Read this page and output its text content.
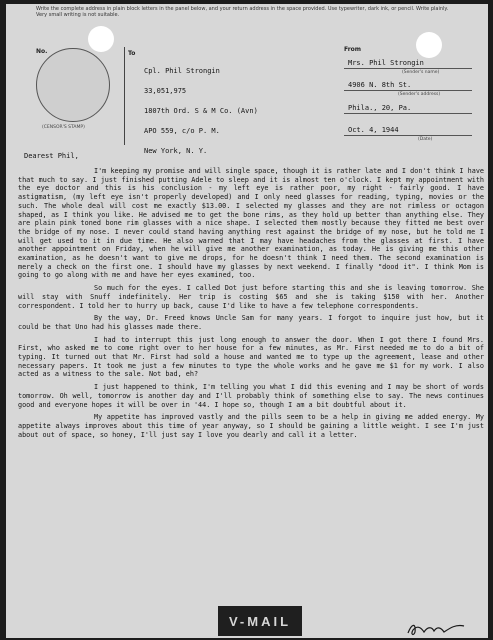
Write the complete address in plain block letters in the panel below, and your return address in the space provided. Use typewriter, dark ink, or pencil. Write plainly. Very small writing is not suitable.
No.
(CENSOR'S STAMP)
To

Cpl. Phil Strongin

33,051,975

1807th Ord. S & M Co. (Avn)

APO 559, c/o P. M.

New York, N. Y.

From
Mrs. Phil Strongin
(Sender's name)
4906 N. 8th St.
(Sender's address)
Phila., 20, Pa.
Oct. 4, 1944
(Date)
Dearest Phil,

I'm keeping my promise and will single space, though it is rather late and I don't think I have that much to say. I just finished putting Adele to sleep and it is almost ten o'clock. I kept my appointment with the eye doctor and this is his conclusion - my left eye is rather poor, my right - fairly good. I have astigmatism, (my left eye isn't properly developed) and I only need glasses for reading, typing, movies or the such. The whole deal will cost me exactly $13.00. I selected my glasses and they are not rimless or octagon shaped, as I think you like. He advised me to get the bone rims, as they hold up better than anything else. They are plain pink toned bone rim glasses with a nice shape. I selected them mostly because they fitted me best over the bridge of my nose. I never could stand having anything rest against the bridge of my nose, but he told me I will get used to it in due time. He also warned that I may have headaches from the glasses at first. I have another appointment on Friday, when he will give me another examination, as today. He is giving me this other examination, as he doesn't want to give me drops, for he doesn't think I need them. The second examination is merely a check on the first one. I should have my glasses by next weekend. I finally "dood it". I think Mom is going to go along with me and have her eyes examined, too.

So much for the eyes. I called Dot just before starting this and she is leaving tomorrow. She will stay with Snuff indefinitely. Her trip is costing $65 and she is taking $150 with her. Another correspondent. I told her to hurry up back, cause I'd like to have a few telephone correspondents.

By the way, Dr. Freed knows Uncle Sam for many years. I forgot to inquire just how, but it could be that Uno had his glasses made there.

I had to interrupt this just long enough to answer the door. When I got there I found Mrs. First, who asked me to come right over to her house for a few minutes, as Mr. First needed me to do a bit of typing. It turned out that Mr. First had sold a house and wanted me to type up the agreement, lease and other necessary papers. It took me just a few minutes to type the whole works and he gave me $1 for my work. I also acted as a witness to the sale. Not bad, eh?

I just happened to think, I'm telling you what I did this evening and I may be short of words tomorrow. Oh well, tomorrow is another day and I'll probably think of something else to say. The news continues good and everyone hopes it will be over in '44. I hope so, though I am a bit doubtful about it.

My appetite has improved vastly and the pills seem to be a help in giving me added energy. My appetite always improves about this time of year anyway, so I should be gaining a little weight. I see I'm just about out of space, so honey, I'll just say I love you dearly and call it a letter.

V-MAIL
